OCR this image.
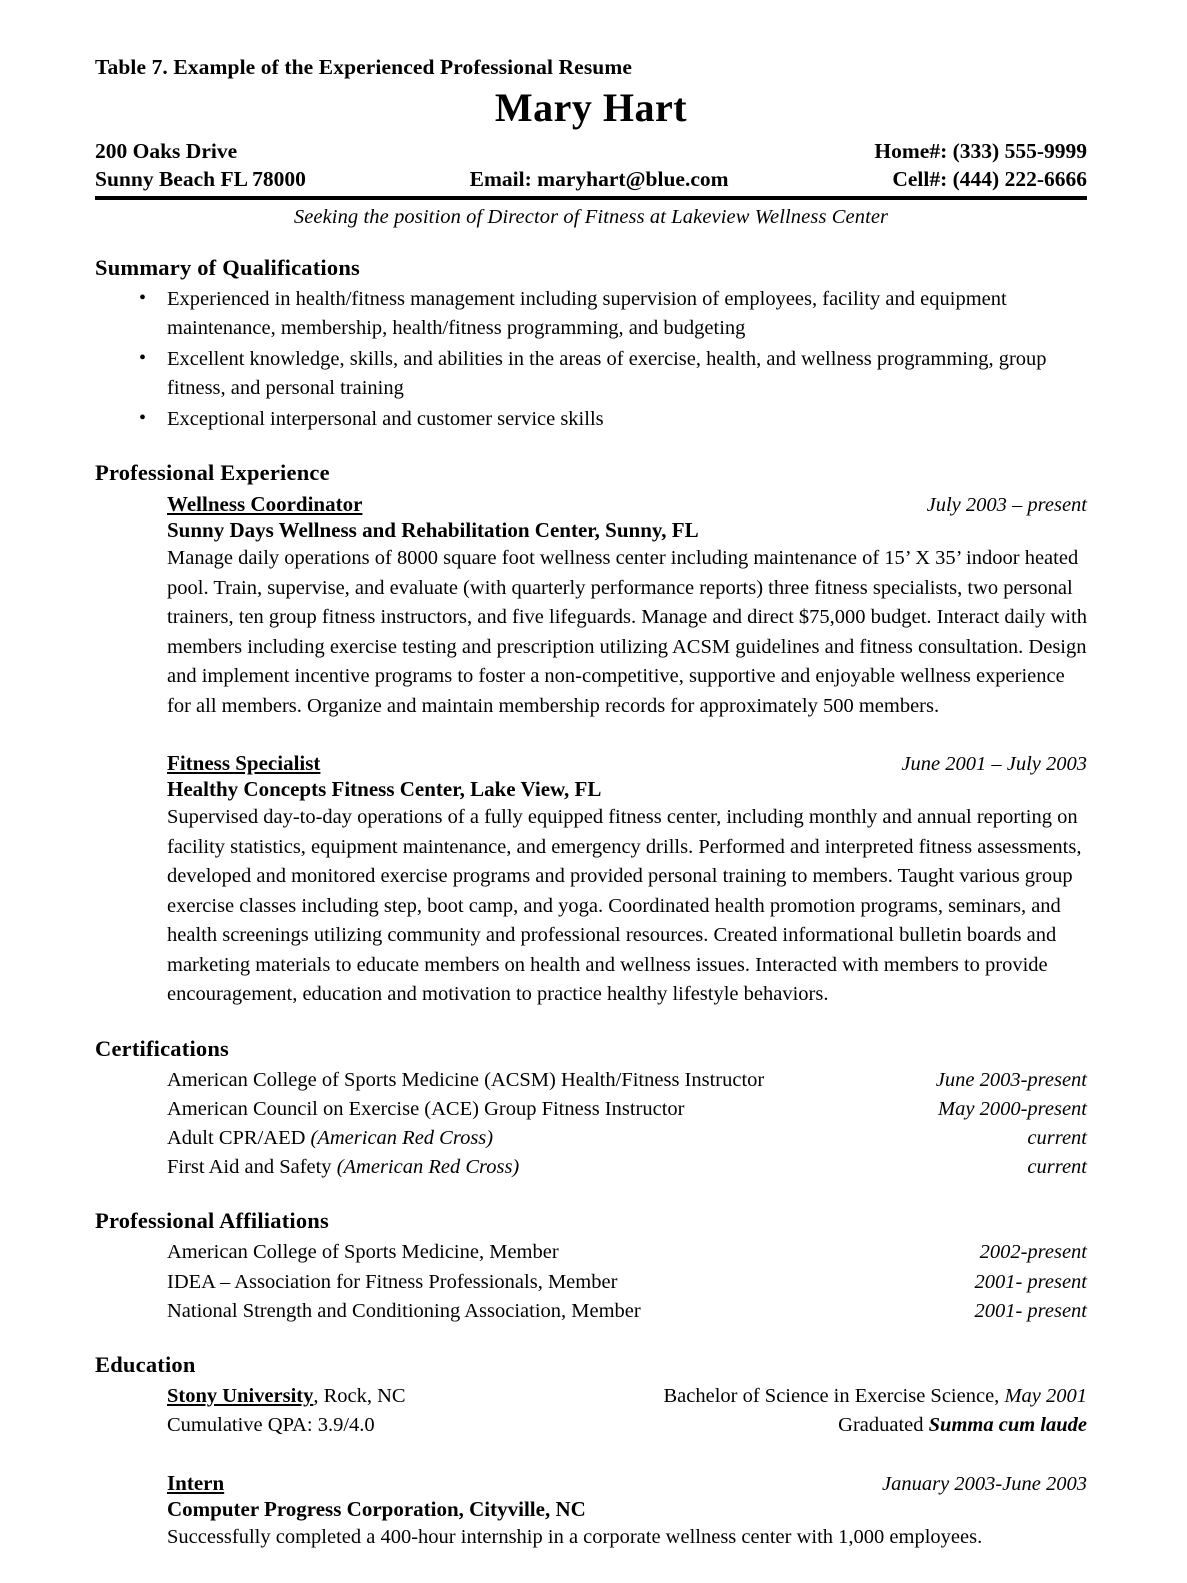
Table 7. Example of the Experienced Professional Resume
Mary Hart
200 Oaks Drive	Home#: (333) 555-9999
Sunny Beach FL 78000	Email: maryhart@blue.com	Cell#: (444) 222-6666
Seeking the position of Director of Fitness at Lakeview Wellness Center
Summary of Qualifications
• Experienced in health/fitness management including supervision of employees, facility and equipment maintenance, membership, health/fitness programming, and budgeting
• Excellent knowledge, skills, and abilities in the areas of exercise, health, and wellness programming, group fitness, and personal training
• Exceptional interpersonal and customer service skills
Professional Experience
Wellness Coordinator	July 2003 – present
Sunny Days Wellness and Rehabilitation Center, Sunny, FL
Manage daily operations of 8000 square foot wellness center including maintenance of 15’ X 35’ indoor heated pool. Train, supervise, and evaluate (with quarterly performance reports) three fitness specialists, two personal trainers, ten group fitness instructors, and five lifeguards. Manage and direct $75,000 budget. Interact daily with members including exercise testing and prescription utilizing ACSM guidelines and fitness consultation. Design and implement incentive programs to foster a non-competitive, supportive and enjoyable wellness experience for all members. Organize and maintain membership records for approximately 500 members.
Fitness Specialist	June 2001 – July 2003
Healthy Concepts Fitness Center, Lake View, FL
Supervised day-to-day operations of a fully equipped fitness center, including monthly and annual reporting on facility statistics, equipment maintenance, and emergency drills. Performed and interpreted fitness assessments, developed and monitored exercise programs and provided personal training to members. Taught various group exercise classes including step, boot camp, and yoga. Coordinated health promotion programs, seminars, and health screenings utilizing community and professional resources. Created informational bulletin boards and marketing materials to educate members on health and wellness issues. Interacted with members to provide encouragement, education and motivation to practice healthy lifestyle behaviors.
Certifications
American College of Sports Medicine (ACSM) Health/Fitness Instructor	June 2003-present
American Council on Exercise (ACE) Group Fitness Instructor	May 2000-present
Adult CPR/AED (American Red Cross)	current
First Aid and Safety (American Red Cross)	current
Professional Affiliations
American College of Sports Medicine, Member	2002-present
IDEA – Association for Fitness Professionals, Member	2001- present
National Strength and Conditioning Association, Member	2001- present
Education
Stony University, Rock, NC	Bachelor of Science in Exercise Science, May 2001
Cumulative QPA: 3.9/4.0	Graduated Summa cum laude
Intern	January 2003-June 2003
Computer Progress Corporation, Cityville, NC
Successfully completed a 400-hour internship in a corporate wellness center with 1,000 employees.
